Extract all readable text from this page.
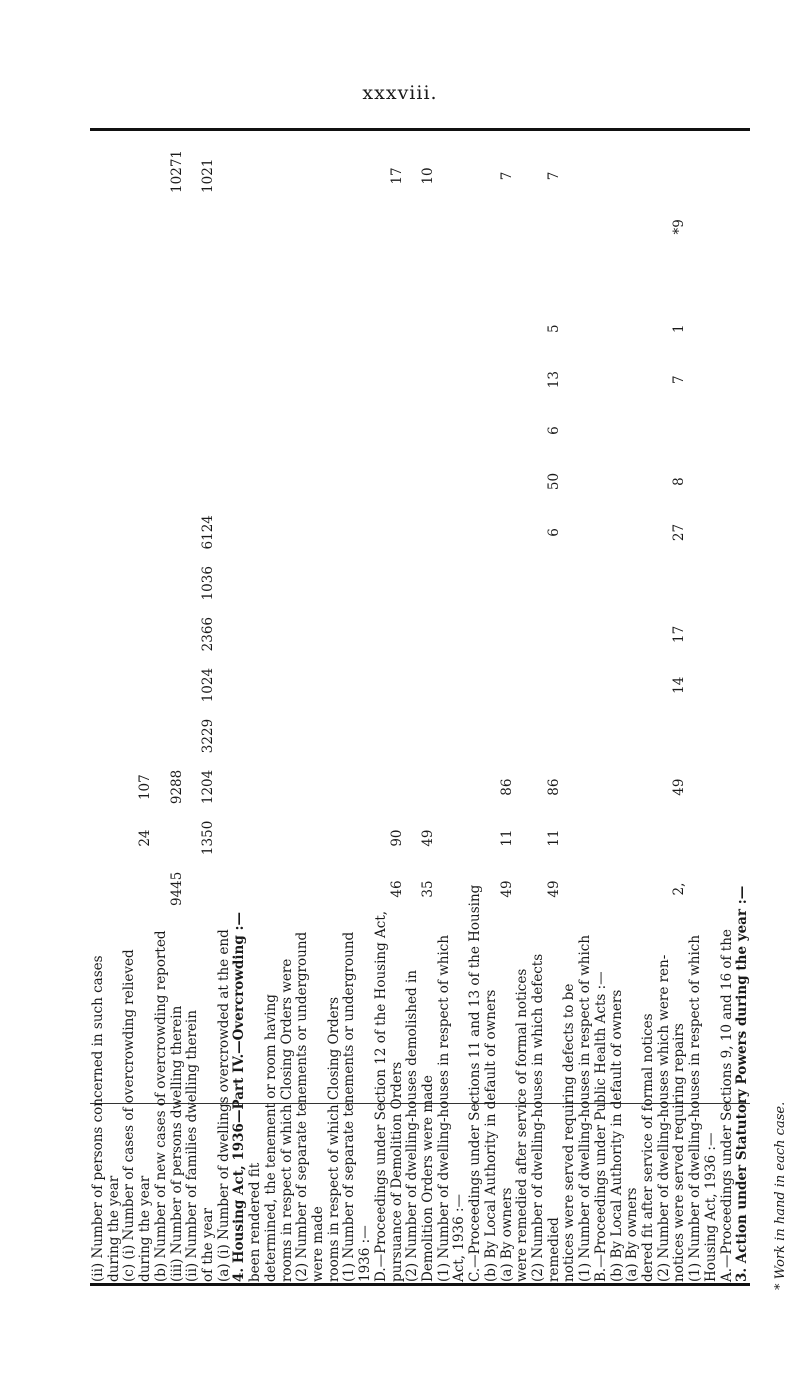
xxxviii.
3. Action under Statutory Powers during the year :—
A.—Proceedings under Sections 9, 10 and 16 of the
Housing Act, 1936 :—
(1) Number of dwelling-houses in respect of which
notices were served requiring repairs
2,
49
14
17
27
8
7
1
*9
(2) Number of dwelling-houses which were ren-
dered fit after service of formal notices
(a) By owners
(b) By Local Authority in default of owners
B.—Proceedings under Public Health Acts :—
(1) Number of dwelling-houses in respect of which
notices were served requiring defects to be
remedied
49
11
86
6
50
6
13
5
7
(2) Number of dwelling-houses in which defects
were remedied after service of formal notices
(a) By owners
49
11
86
7
(b) By Local Authority in default of owners
C.—Proceedings under Sections 11 and 13 of the Housing
Act, 1936 :—
(1) Number of dwelling-houses in respect of which
Demolition Orders were made
35
49
10
(2) Number of dwelling-houses demolished in
pursuance of Demolition Orders
46
90
17
D.—Proceedings under Section 12 of the Housing Act,
1936 :—
(1) Number of separate tenements or underground
rooms in respect of which Closing Orders
were made
(2) Number of separate tenements or underground
rooms in respect of which Closing Orders were
determined, the tenement or room having
been rendered fit
4. Housing Act, 1936—Part IV.—Overcrowding :—
(a) (i) Number of dwellings overcrowded at the end
of the year
1350
1204
3229
1024
2366
1036
6124
1021
(ii) Number of families dwelling therein
(iii) Number of persons dwelling therein
9445
9288
10271
(b) Number of new cases of overcrowding reported
during the year
24
107
(c) (i) Number of cases of overcrowding relieved
during the year
(ii) Number of persons concerned in such cases	* Work in hand in each case.
